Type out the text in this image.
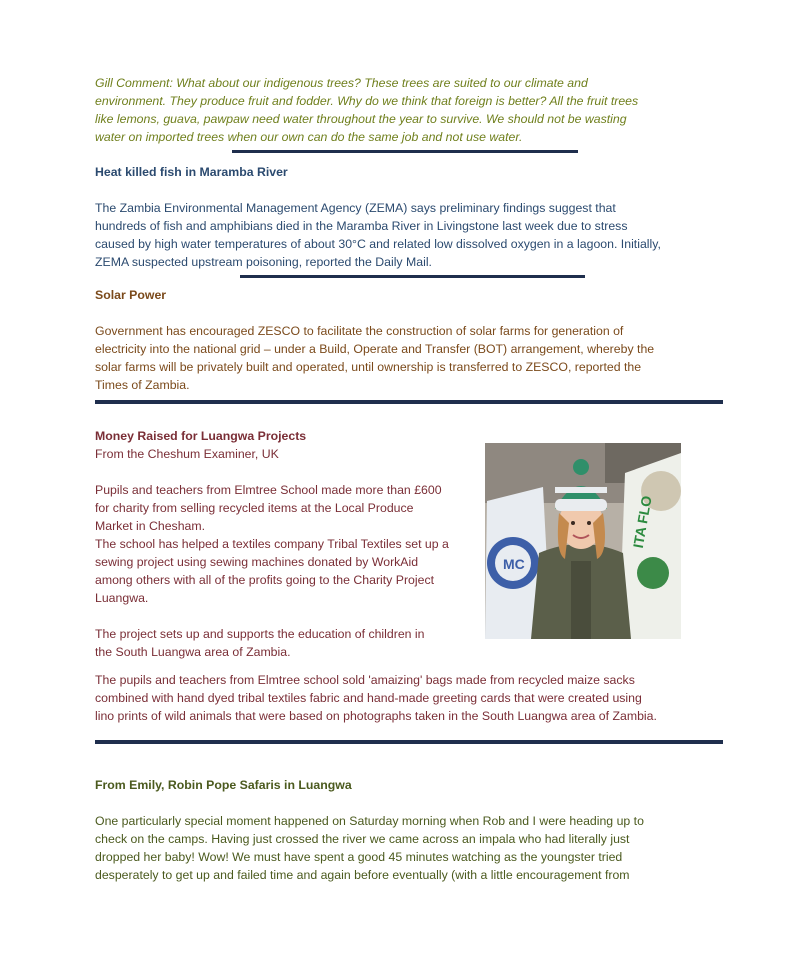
Gill Comment: What about our indigenous trees? These trees are suited to our climate and

environment. They produce fruit and fodder. Why do we think that foreign is better? All the fruit trees

like lemons, guava, pawpaw need water throughout the year to survive. We should not be wasting

water on imported trees when our own can do the same job and not use water.

Heat killed fish in Maramba River

The Zambia Environmental Management Agency (ZEMA) says preliminary findings suggest that

hundreds of fish and amphibians died in the Maramba River in Livingstone last week due to stress

caused by high water temperatures of about 30°C and related low dissolved oxygen in a lagoon. Initially,

ZEMA suspected upstream poisoning, reported the Daily Mail.

Solar Power

Government has encouraged ZESCO to facilitate the construction of solar farms for generation of

electricity into the national grid – under a Build, Operate and Transfer (BOT) arrangement, whereby the

solar farms will be privately built and operated, until ownership is transferred to ZESCO, reported the

Times of Zambia.

Money Raised for Luangwa Projects

From the Cheshum Examiner, UK

Pupils and teachers from Elmtree School made more than £600

for charity from selling recycled items at the Local Produce

Market in Chesham.

The school has helped a textiles company Tribal Textiles set up a

sewing project using sewing machines donated by WorkAid

among others with all of the profits going to the Charity Project

Luangwa.

The project sets up and supports the education of children in

the South Luangwa area of Zambia.

MC
ITA FLO

The pupils and teachers from Elmtree school sold 'amaizing' bags made from recycled maize sacks

combined with hand dyed tribal textiles fabric and hand-made greeting cards that were created using

lino prints of wild animals that were based on photographs taken in the South Luangwa area of Zambia.

From Emily, Robin Pope Safaris in Luangwa

One particularly special moment happened on Saturday morning when Rob and I were heading up to

check on the camps. Having just crossed the river we came across an impala who had literally just

dropped her baby! Wow! We must have spent a good 45 minutes watching as the youngster tried

desperately to get up and failed time and again before eventually (with a little encouragement from
